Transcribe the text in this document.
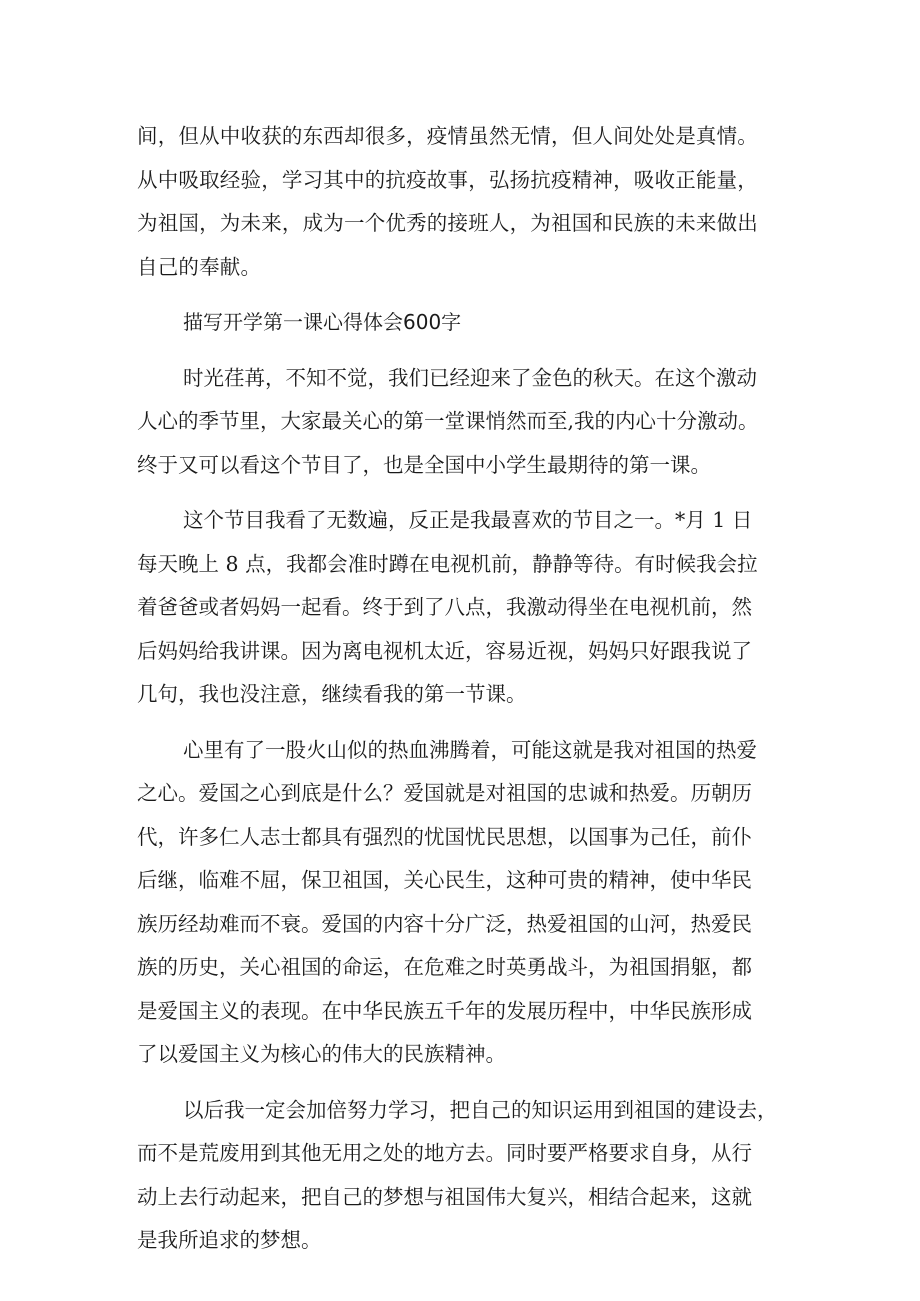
间，但从中收获的东西却很多，疫情虽然无情，但人间处处是真情。
从中吸取经验，学习其中的抗疫故事，弘扬抗疫精神，吸收正能量，
为祖国，为未来，成为一个优秀的接班人，为祖国和民族的未来做出
自己的奉献。
描写开学第一课心得体会600字
时光荏苒，不知不觉，我们已经迎来了金色的秋天。在这个激动
人心的季节里，大家最关心的第一堂课悄然而至,我的内心十分激动。
终于又可以看这个节目了，也是全国中小学生最期待的第一课。
这个节目我看了无数遍，反正是我最喜欢的节目之一。*月 1 日
每天晚上 8 点，我都会准时蹲在电视机前，静静等待。有时候我会拉
着爸爸或者妈妈一起看。终于到了八点，我激动得坐在电视机前，然
后妈妈给我讲课。因为离电视机太近，容易近视，妈妈只好跟我说了
几句，我也没注意，继续看我的第一节课。
心里有了一股火山似的热血沸腾着，可能这就是我对祖国的热爱
之心。爱国之心到底是什么？爱国就是对祖国的忠诚和热爱。历朝历
代，许多仁人志士都具有强烈的忧国忧民思想，以国事为己任，前仆
后继，临难不屈，保卫祖国，关心民生，这种可贵的精神，使中华民
族历经劫难而不衰。爱国的内容十分广泛，热爱祖国的山河，热爱民
族的历史，关心祖国的命运，在危难之时英勇战斗，为祖国捐躯，都
是爱国主义的表现。在中华民族五千年的发展历程中，中华民族形成
了以爱国主义为核心的伟大的民族精神。
以后我一定会加倍努力学习，把自己的知识运用到祖国的建设去，
而不是荒废用到其他无用之处的地方去。同时要严格要求自身，从行
动上去行动起来，把自己的梦想与祖国伟大复兴，相结合起来，这就
是我所追求的梦想。
